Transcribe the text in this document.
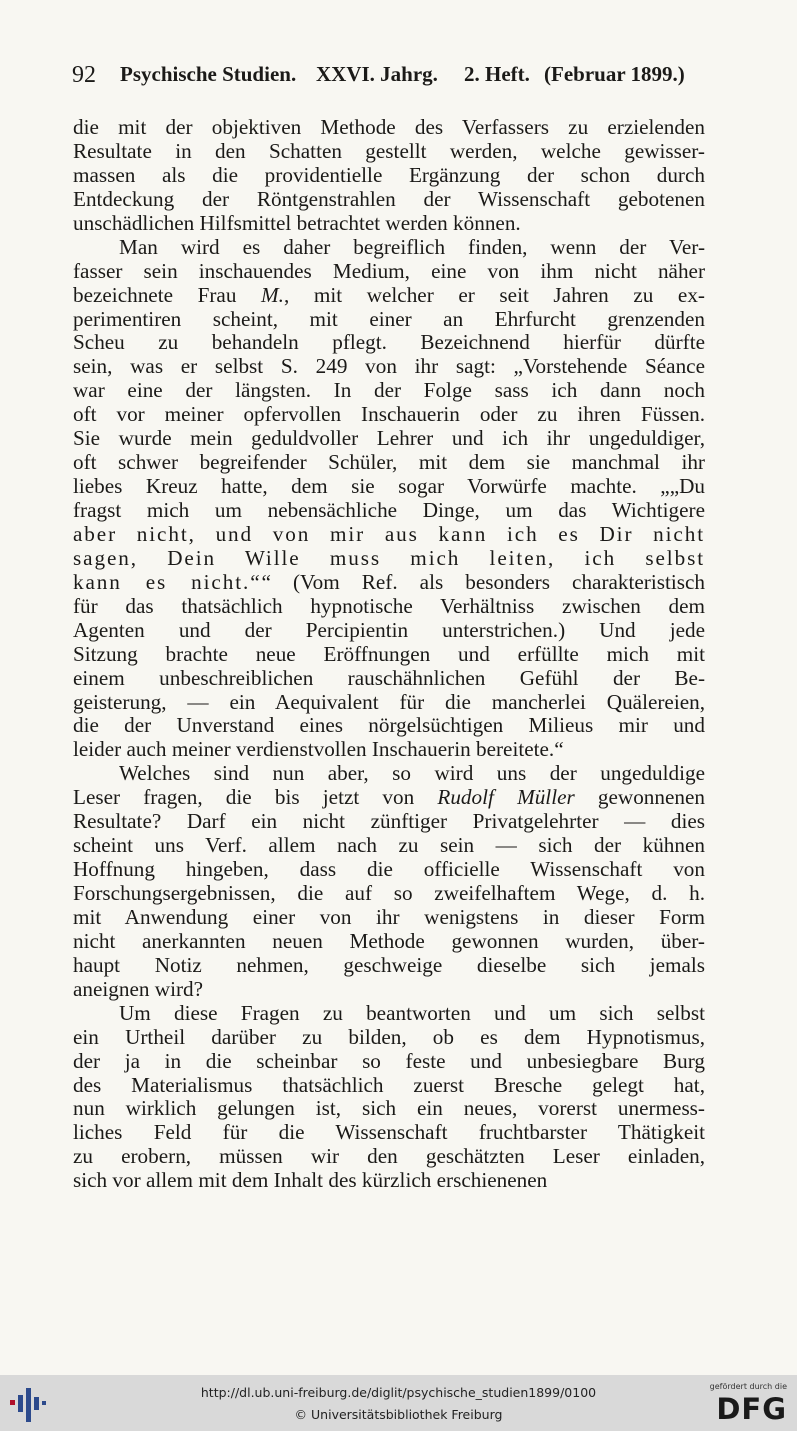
92 Psychische Studien. XXVI. Jahrg. 2. Heft. (Februar 1899.)
die mit der objektiven Methode des Verfassers zu erzielenden
Resultate in den Schatten gestellt werden, welche gewisser-
massen als die providentielle Ergänzung der schon durch
Entdeckung der Röntgenstrahlen der Wissenschaft gebotenen
unschädlichen Hilfsmittel betrachtet werden können.
Man wird es daher begreiflich finden, wenn der Ver-
fasser sein inschauendes Medium, eine von ihm nicht näher
bezeichnete Frau M., mit welcher er seit Jahren zu ex-
perimentiren scheint, mit einer an Ehrfurcht grenzenden
Scheu zu behandeln pflegt. Bezeichnend hierfür dürfte
sein, was er selbst S. 249 von ihr sagt: „Vorstehende Séance
war eine der längsten. In der Folge sass ich dann noch
oft vor meiner opfervollen Inschauerin oder zu ihren Füssen.
Sie wurde mein geduldvoller Lehrer und ich ihr ungeduldiger,
oft schwer begreifender Schüler, mit dem sie manchmal ihr
liebes Kreuz hatte, dem sie sogar Vorwürfe machte. „„Du
fragst mich um nebensächliche Dinge, um das Wichtigere
aber nicht, und von mir aus kann ich es Dir nicht
sagen, Dein Wille muss mich leiten, ich selbst
kann es nicht.““ (Vom Ref. als besonders charakteristisch
für das thatsächlich hypnotische Verhältniss zwischen dem
Agenten und der Percipientin unterstrichen.) Und jede
Sitzung brachte neue Eröffnungen und erfüllte mich mit
einem unbeschreiblichen rauschähnlichen Gefühl der Be-
geisterung, — ein Aequivalent für die mancherlei Quälereien,
die der Unverstand eines nörgelsüchtigen Milieus mir und
leider auch meiner verdienstvollen Inschauerin bereitete.“
Welches sind nun aber, so wird uns der ungeduldige
Leser fragen, die bis jetzt von Rudolf Müller gewonnenen
Resultate? Darf ein nicht zünftiger Privatgelehrter — dies
scheint uns Verf. allem nach zu sein — sich der kühnen
Hoffnung hingeben, dass die officielle Wissenschaft von
Forschungsergebnissen, die auf so zweifelhaftem Wege, d. h.
mit Anwendung einer von ihr wenigstens in dieser Form
nicht anerkannten neuen Methode gewonnen wurden, über-
haupt Notiz nehmen, geschweige dieselbe sich jemals
aneignen wird?
Um diese Fragen zu beantworten und um sich selbst
ein Urtheil darüber zu bilden, ob es dem Hypnotismus,
der ja in die scheinbar so feste und unbesiegbare Burg
des Materialismus thatsächlich zuerst Bresche gelegt hat,
nun wirklich gelungen ist, sich ein neues, vorerst unermess-
liches Feld für die Wissenschaft fruchtbarster Thätigkeit
zu erobern, müssen wir den geschätzten Leser einladen,
sich vor allem mit dem Inhalt des kürzlich erschienenen
http://dl.ub.uni-freiburg.de/diglit/psychische_studien1899/0100
© Universitätsbibliothek Freiburg
gefördert durch die
DFG
